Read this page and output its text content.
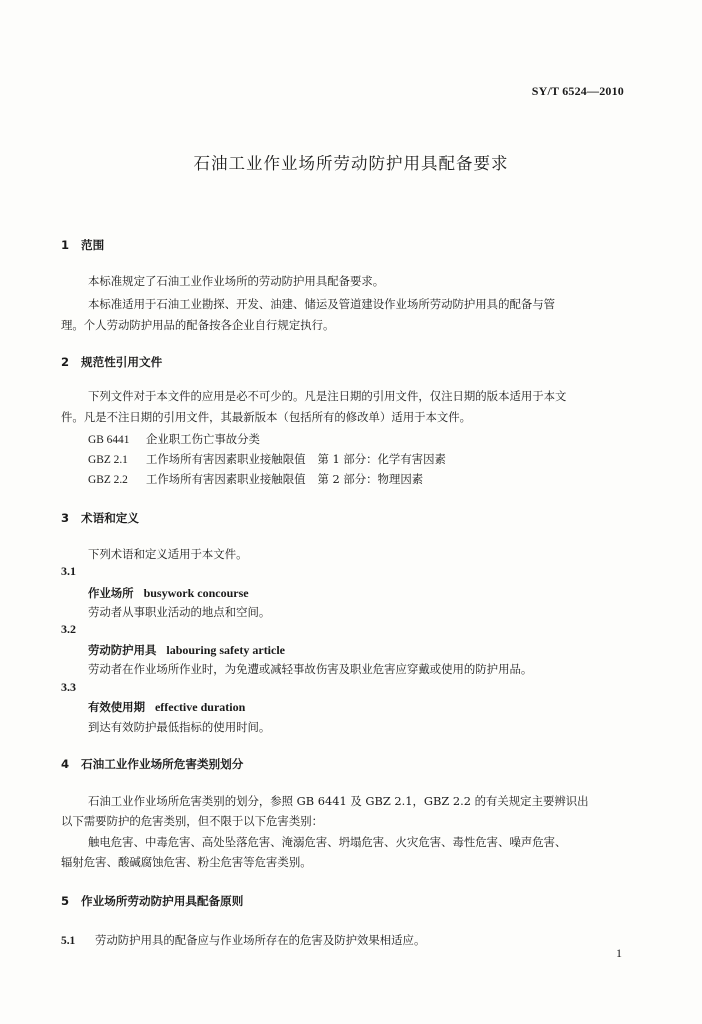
SY/T 6524—2010
石油工业作业场所劳动防护用具配备要求
1 范围
本标准规定了石油工业作业场所的劳动防护用具配备要求。
本标准适用于石油工业勘探、开发、油建、储运及管道建设作业场所劳动防护用具的配备与管
理。个人劳动防护用品的配备按各企业自行规定执行。
2 规范性引用文件
下列文件对于本文件的应用是必不可少的。凡是注日期的引用文件，仅注日期的版本适用于本文
件。凡是不注日期的引用文件，其最新版本（包括所有的修改单）适用于本文件。
GB 6441 企业职工伤亡事故分类
GBZ 2.1 工作场所有害因素职业接触限值 第 1 部分：化学有害因素
GBZ 2.2 工作场所有害因素职业接触限值 第 2 部分：物理因素
3 术语和定义
下列术语和定义适用于本文件。
3.1
作业场所 busywork concourse
劳动者从事职业活动的地点和空间。
3.2
劳动防护用具 labouring safety article
劳动者在作业场所作业时，为免遭或减轻事故伤害及职业危害应穿戴或使用的防护用品。
3.3
有效使用期 effective duration
到达有效防护最低指标的使用时间。
4 石油工业作业场所危害类别划分
石油工业作业场所危害类别的划分，参照 GB 6441 及 GBZ 2.1，GBZ 2.2 的有关规定主要辨识出
以下需要防护的危害类别，但不限于以下危害类别：
触电危害、中毒危害、高处坠落危害、淹溺危害、坍塌危害、火灾危害、毒性危害、噪声危害、
辐射危害、酸碱腐蚀危害、粉尘危害等危害类别。
5 作业场所劳动防护用具配备原则
5.1 劳动防护用具的配备应与作业场所存在的危害及防护效果相适应。
1
